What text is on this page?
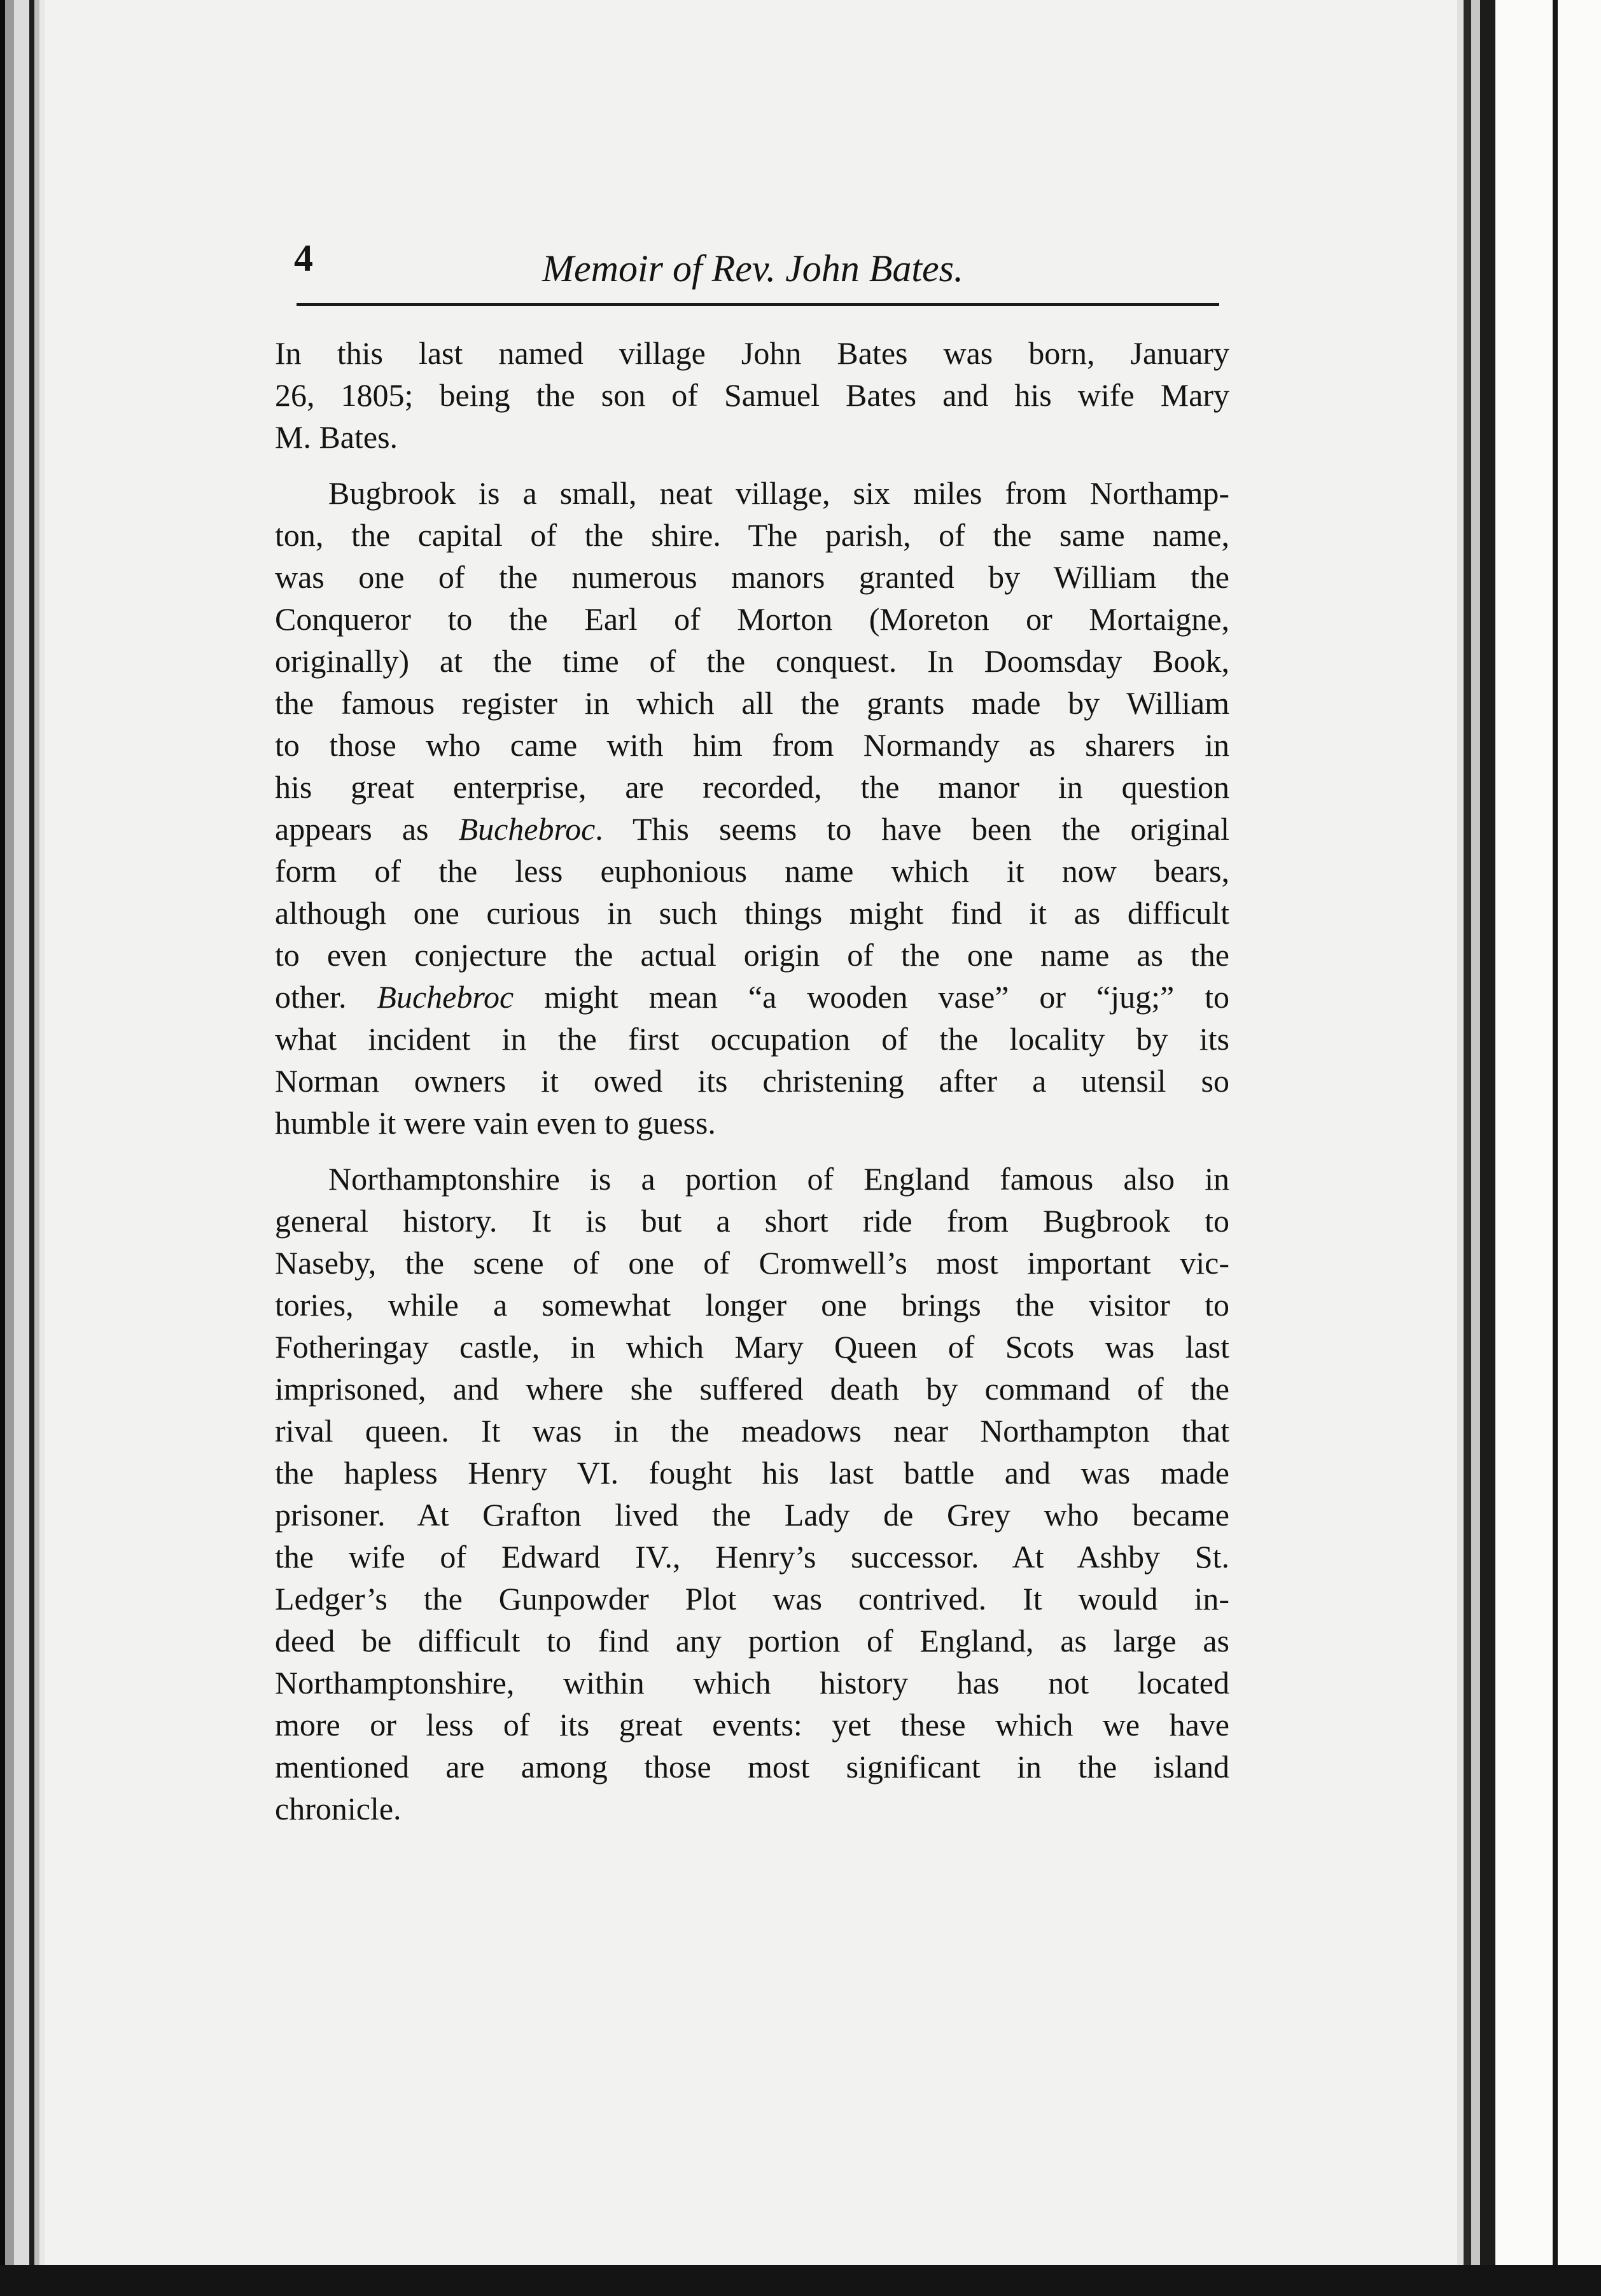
4	Memoir of Rev. John Bates.
In this last named village John Bates was born, January
26, 1805; being the son of Samuel Bates and his wife Mary
M. Bates.
Bugbrook is a small, neat village, six miles from Northamp-
ton, the capital of the shire. The parish, of the same name,
was one of the numerous manors granted by William the
Conqueror to the Earl of Morton (Moreton or Mortaigne,
originally) at the time of the conquest. In Doomsday Book,
the famous register in which all the grants made by William
to those who came with him from Normandy as sharers in
his great enterprise, are recorded, the manor in question
appears as Buchebroc. This seems to have been the original
form of the less euphonious name which it now bears,
although one curious in such things might find it as difficult
to even conjecture the actual origin of the one name as the
other. Buchebroc might mean “a wooden vase” or “jug;” to
what incident in the first occupation of the locality by its
Norman owners it owed its christening after a utensil so
humble it were vain even to guess.
Northamptonshire is a portion of England famous also in
general history. It is but a short ride from Bugbrook to
Naseby, the scene of one of Cromwell’s most important vic-
tories, while a somewhat longer one brings the visitor to
Fotheringay castle, in which Mary Queen of Scots was last
imprisoned, and where she suffered death by command of the
rival queen. It was in the meadows near Northampton that
the hapless Henry VI. fought his last battle and was made
prisoner. At Grafton lived the Lady de Grey who became
the wife of Edward IV., Henry’s successor. At Ashby St.
Ledger’s the Gunpowder Plot was contrived. It would in-
deed be difficult to find any portion of England, as large as
Northamptonshire, within which history has not located
more or less of its great events: yet these which we have
mentioned are among those most significant in the island
chronicle.
